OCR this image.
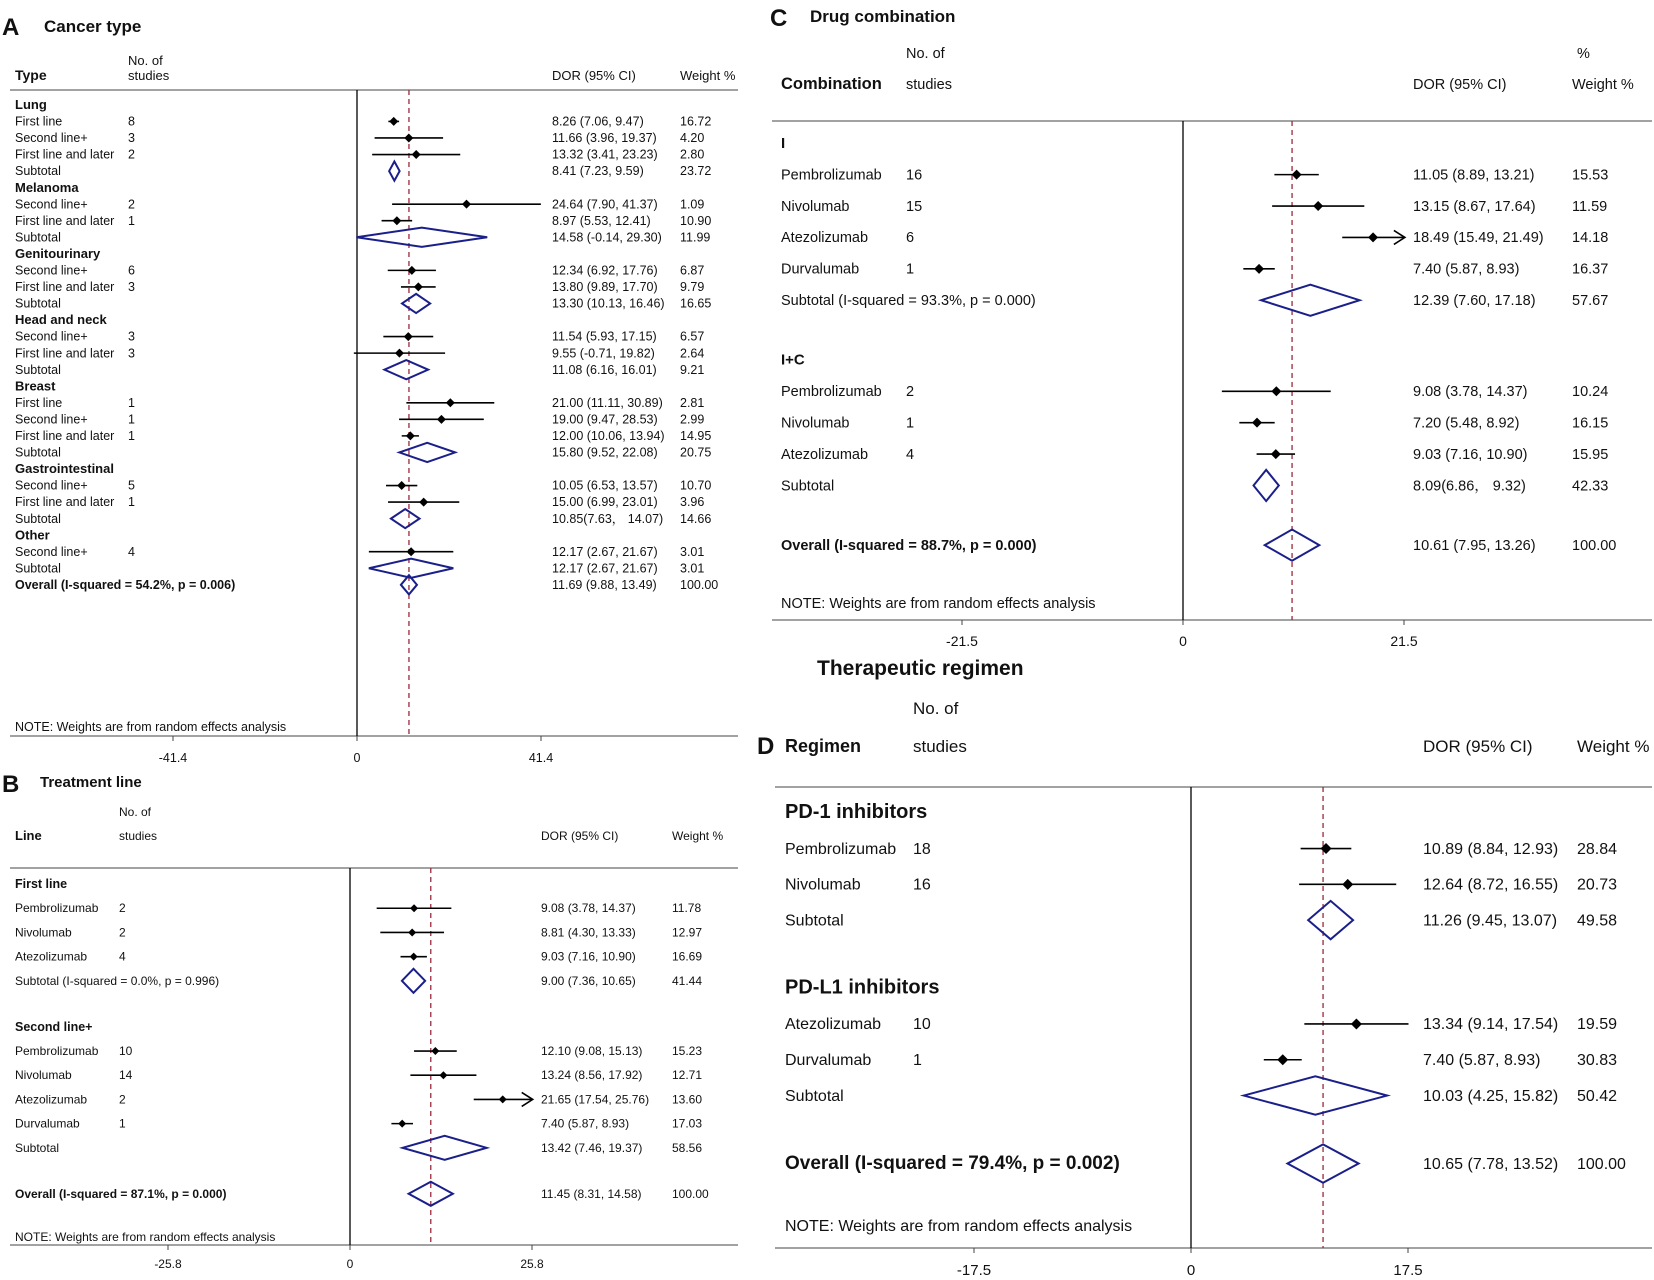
A Cancer type
Type
No. of
studies	DOR (95% CI)	Weight %
-41.4	0	41.4
Lung
First line	8	8.26 (7.06, 9.47)	16.72
Second line+	3	11.66 (3.96, 19.37) 4.20
First line and later 2	13.32 (3.41, 23.23) 2.80
Subtotal	8.41 (7.23, 9.59)	23.72
Melanoma
Second line+	2	24.64 (7.90, 41.37) 1.09
First line and later 1	8.97 (5.53, 12.41) 10.90
Subtotal	14.58 (-0.14, 29.30) 11.99
Genitourinary
Second line+	6	12.34 (6.92, 17.76) 6.87
First line and later 3	13.80 (9.89, 17.70) 9.79
Subtotal	13.30 (10.13, 16.46) 16.65
Head and neck
Second line+	3	11.54 (5.93, 17.15) 6.57
First line and later 3	9.55 (-0.71, 19.82) 2.64
Subtotal	11.08 (6.16, 16.01) 9.21
Breast
First line	1	21.00 (11.11, 30.89) 2.81
Second line+	1	19.00 (9.47, 28.53) 2.99
First line and later 1	12.00 (10.06, 13.94) 14.95
Subtotal	15.80 (9.52, 22.08) 20.75
Gastrointestinal
Second line+	5	10.05 (6.53, 13.57) 10.70
First line and later 1	15.00 (6.99, 23.01) 3.96
Subtotal	10.85(7.63， 14.07) 14.66
Other
Second line+	4	12.17 (2.67, 21.67) 3.01
Subtotal	12.17 (2.67, 21.67) 3.01
Overall (I-squared = 54.2%, p = 0.006)	11.69 (9.88, 13.49) 100.00
NOTE: Weights are from random effects analysis
B Treatment line
Line
No. of
studies	DOR (95% CI)	Weight %
-25.8	0	25.8
First line
Pembrolizumab 2	9.08 (3.78, 14.37)	11.78
Nivolumab	2	8.81 (4.30, 13.33)	12.97
Atezolizumab	4	9.03 (7.16, 10.90)	16.69
Subtotal (I-squared = 0.0%, p = 0.996)	9.00 (7.36, 10.65)	41.44
Second line+
Pembrolizumab 10	12.10 (9.08, 15.13) 15.23
Nivolumab	14	13.24 (8.56, 17.92) 12.71
Atezolizumab	2	21.65 (17.54, 25.76) 13.60
Durvalumab	1	7.40 (5.87, 8.93)	17.03
Subtotal	13.42 (7.46, 19.37) 58.56
Overall (I-squared = 87.1%, p = 0.000)	11.45 (8.31, 14.58)	100.00
NOTE: Weights are from random effects analysis
C Drug combination
Combination
No. of
studies	DOR (95% CI)
%
Weight %
-21.5	0	21.5
I
Pembrolizumab 16	11.05 (8.89, 13.21)	15.53
Nivolumab	15	13.15 (8.67, 17.64)	11.59
Atezolizumab	6	18.49 (15.49, 21.49) 14.18
Durvalumab	1	7.40 (5.87, 8.93)	16.37
Subtotal (I-squared = 93.3%, p = 0.000)	12.39 (7.60, 17.18)	57.67
I+C
Pembrolizumab 2	9.08 (3.78, 14.37)	10.24
Nivolumab	1	7.20 (5.48, 8.92)	16.15
Atezolizumab	4	9.03 (7.16, 10.90)	15.95
Subtotal	8.09(6.86， 9.32)	42.33
Overall (I-squared = 88.7%, p = 0.000)	10.61 (7.95, 13.26)	100.00
NOTE: Weights are from random effects analysis
Therapeutic regimen
D Regimen
No. of
studies	DOR (95% CI)	Weight %
-17.5	0	17.5
PD-1 inhibitors
Pembrolizumab 18	10.89 (8.84, 12.93) 28.84
Nivolumab	16	12.64 (8.72, 16.55) 20.73
Subtotal	11.26 (9.45, 13.07) 49.58
PD-L1 inhibitors
Atezolizumab 10	13.34 (9.14, 17.54) 19.59
Durvalumab	1	7.40 (5.87, 8.93) 30.83
Subtotal	10.03 (4.25, 15.82) 50.42
Overall (I-squared = 79.4%, p = 0.002)	10.65 (7.78, 13.52) 100.00
NOTE: Weights are from random effects analysis
